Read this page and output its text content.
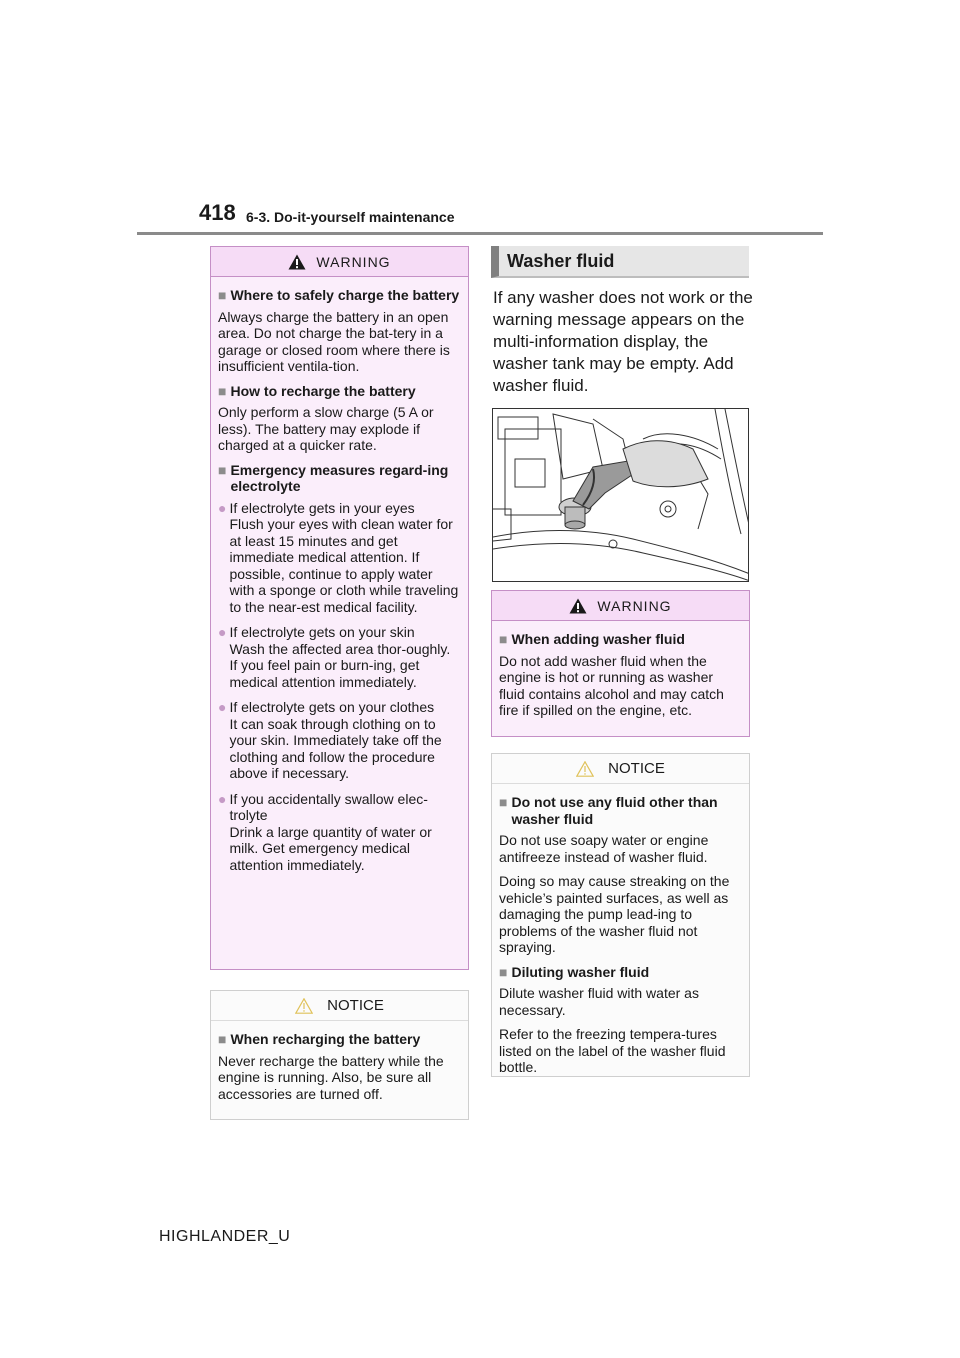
418 6-3. Do-it-yourself maintenance
WARNING
■ Where to safely charge the battery

Always charge the battery in an open area. Do not charge the bat-tery in a garage or closed room where there is insufficient ventila-tion.

■ How to recharge the battery

Only perform a slow charge (5 A or less). The battery may explode if charged at a quicker rate.

■ Emergency measures regard-ing electrolyte
● If electrolyte gets in your eyes
Flush your eyes with clean water for at least 15 minutes and get immediate medical attention. If possible, continue to apply water with a sponge or cloth while traveling to the near-est medical facility.
● If electrolyte gets on your skin
Wash the affected area thor-oughly. If you feel pain or burn-ing, get medical attention immediately.
● If electrolyte gets on your clothes
It can soak through clothing on to your skin. Immediately take off the clothing and follow the procedure above if necessary.
● If you accidentally swallow elec-trolyte
Drink a large quantity of water or milk. Get emergency medical attention immediately.
NOTICE
■ When recharging the battery

Never recharge the battery while the engine is running. Also, be sure all accessories are turned off.

Washer fluid
If any washer does not work or the warning message appears on the multi-information display, the washer tank may be empty. Add washer fluid.
WARNING
■ When adding washer fluid

Do not add washer fluid when the engine is hot or running as washer fluid contains alcohol and may catch fire if spilled on the engine, etc.

NOTICE
■ Do not use any fluid other than washer fluid

Do not use soapy water or engine antifreeze instead of washer fluid.

Doing so may cause streaking on the vehicle’s painted surfaces, as well as damaging the pump lead-ing to problems of the washer fluid not spraying.

■ Diluting washer fluid

Dilute washer fluid with water as necessary.

Refer to the freezing tempera-tures listed on the label of the washer fluid bottle.

HIGHLANDER_U
